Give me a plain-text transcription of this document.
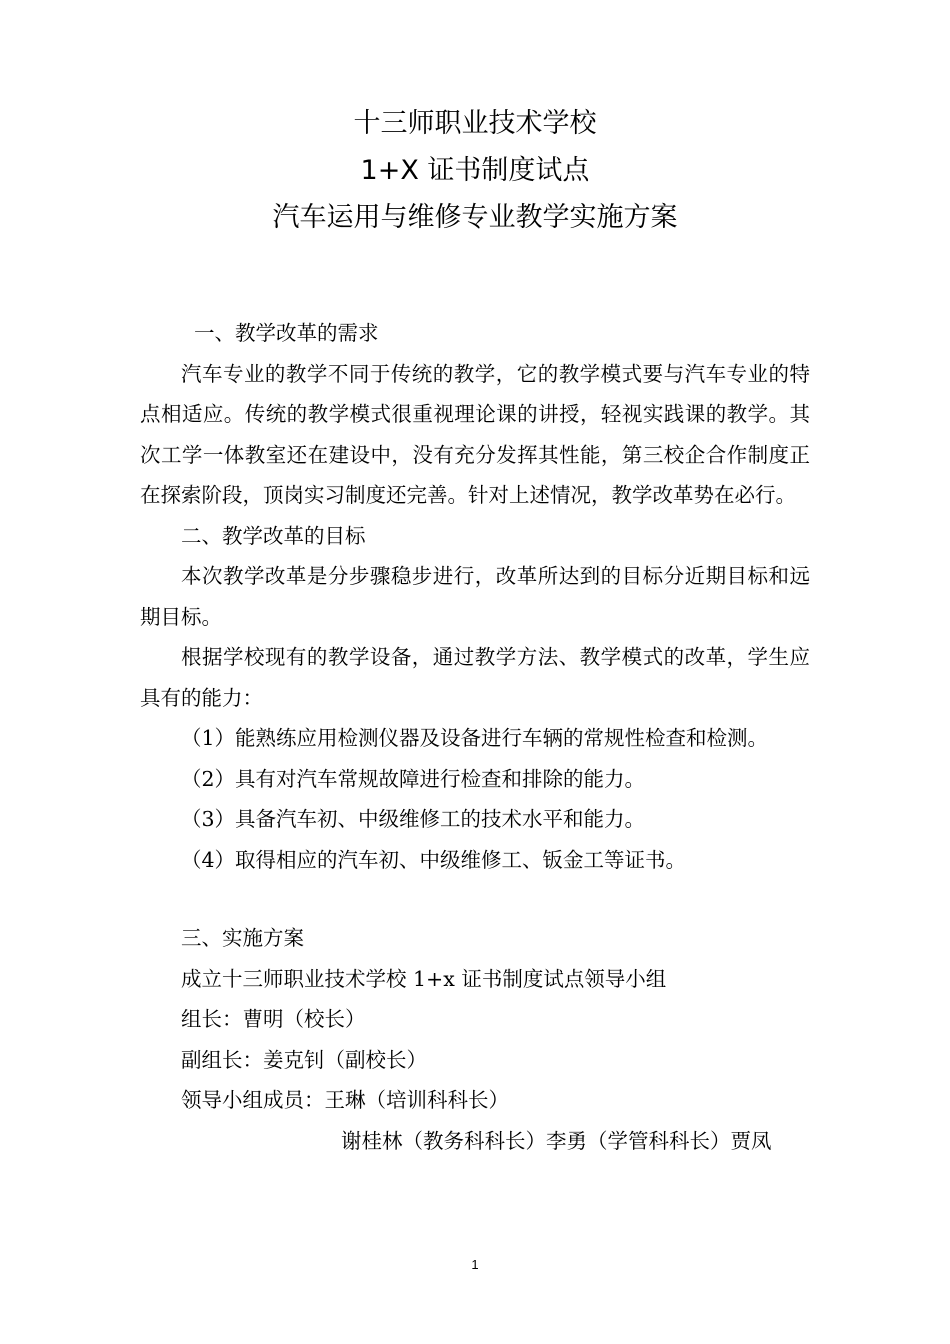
十三师职业技术学校
1+X 证书制度试点
汽车运用与维修专业教学实施方案

一、教学改革的需求

汽车专业的教学不同于传统的教学，它的教学模式要与汽车专业的特点相适应。传统的教学模式很重视理论课的讲授，轻视实践课的教学。其次工学一体教室还在建设中，没有充分发挥其性能，第三校企合作制度正在探索阶段，顶岗实习制度还完善。针对上述情况，教学改革势在必行。

二、教学改革的目标

本次教学改革是分步骤稳步进行，改革所达到的目标分近期目标和远期目标。

根据学校现有的教学设备，通过教学方法、教学模式的改革，学生应具有的能力：

（1）能熟练应用检测仪器及设备进行车辆的常规性检查和检测。

（2）具有对汽车常规故障进行检查和排除的能力。

（3）具备汽车初、中级维修工的技术水平和能力。

（4）取得相应的汽车初、中级维修工、钣金工等证书。

三、实施方案

成立十三师职业技术学校 1+x 证书制度试点领导小组

组长：曹明（校长）

副组长：姜克钊（副校长）

领导小组成员：王琳（培训科科长）

谢桂林（教务科科长）李勇（学管科科长）贾凤

1
